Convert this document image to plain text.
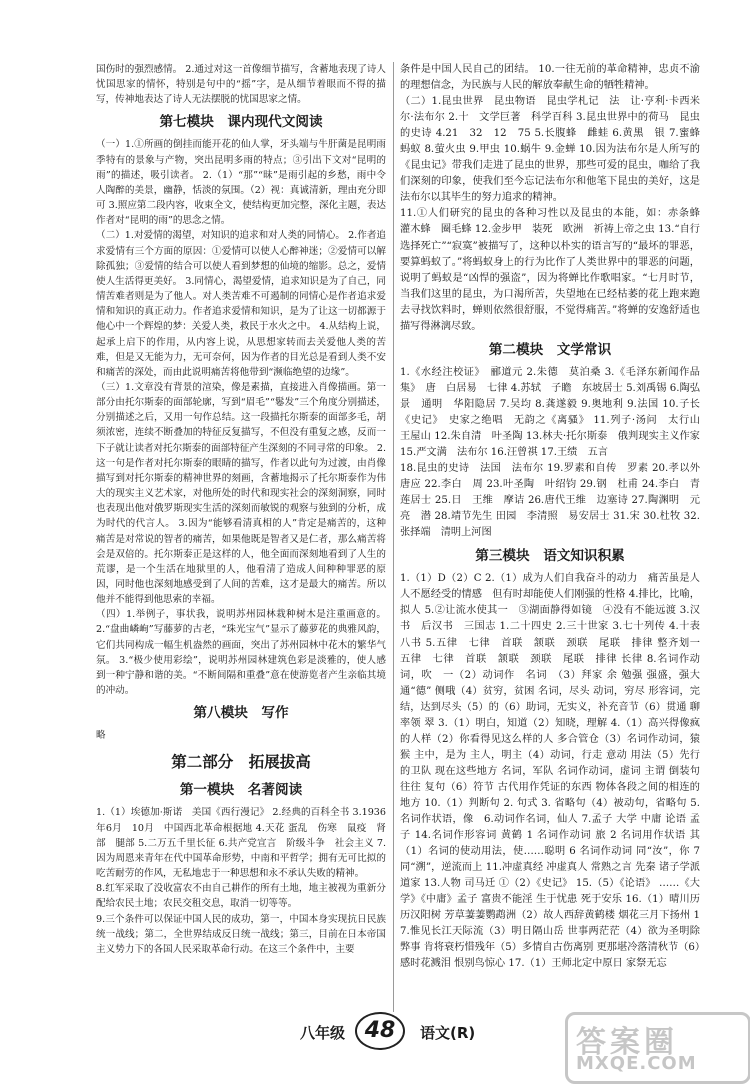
国伤时的强烈感情。 2.通过对这一首像细节描写，含蓄地表现了诗人忧国思家的情怀，特别是句中的“摇”字，是从细节着眼而不得的描写，传神地表达了诗人无法摆脱的忧国思家之情。

第七模块　课内现代文阅读

（一）1.①所画的倒挂而能开花的仙人掌，牙头端与牛肝菌是昆明雨季特有的景象与产物，突出昆明多雨的特点；③引出下文对“昆明的雨”的描述，吸引读者。 2.（1）“那”“昧”是雨引起的乡愁，雨中令人陶醉的美景，幽静，恬淡的氛围。（2）视：真诚清新，理由充分即可 3.照应第二段内容，收束全文，使结构更加完整，深化主题，表达作者对“昆明的雨”的思念之情。

（二）1.对爱情的渴望，对知识的追求和对人类的同情心。 2.作者追求爱情有三个方面的原因：①爱情可以使人心醉神迷；②爱情可以解除孤独；③爱情的结合可以使人看到梦想的仙境的缩影。总之，爱情使人生活得更美好。 3.同情心，渴望爱情，追求知识是为了自己，同情苦难者则是为了他人。对人类苦难不可遏制的同情心是作者追求爱情和知识的真正动力。作者追求爱情和知识，是为了让这一切都源于他心中一个辉煌的梦：关爱人类，救民于水火之中。 4.从结构上说，起承上启下的作用，从内容上说，从思想家转而去关爱他人类的苦难，但是又无能为力，无可奈何，因为作者的目光总是看到人类不安和痛苦的深处，而由此说明痛苦将他带到“濒临绝望的边缘”。

（三）1.文章没有背景的渲染，像是素描，直接进入肖像描画。第一部分由托尔斯泰的面部轮廓，写到“眉毛”“鬈发”三个角度分别描述，分别描述之后，又用一句作总结。这一段描托尔斯泰的面部多毛，胡须浓密，连续不断叠加的特征反复描写，不但没有重复之感，反而一下子就让读者对托尔斯泰的面部特征产生深刻的不同寻常的印象。 2.这一句是作者对托尔斯泰的眼睛的描写，作者以此句为过渡，由肖像描写到对托尔斯泰的精神世界的刻画，含蓄地揭示了托尔斯泰作为伟大的现实主义艺术家，对他所处的时代和现实社会的深刻洞察，同时也表现出他对俄罗斯现实生活的深刻而敏锐的观察与独到的分析，成为时代的代言人。 3.因为“能够看清真相的人”肯定是痛苦的，这种痛苦是对常说的智者的痛苦，如果他既是智者又是仁者，那么痛苦将会是双倍的。托尔斯泰正是这样的人，他全面而深刻地看到了人生的荒谬，是一个生活在地狱里的人，他看清了造成人间种种罪恶的原因，同时他也深刻地感受到了人间的苦难，这才是最大的痛苦。所以他并不能得到他思索的幸福。

（四）1.举例子，事状我，说明苏州园林栽种树木是注重画意的。 2.“盘曲嶙峋”写藤萝的古老，“珠光宝气”显示了藤萝花的典雅风韵，它们共同构成一幅生机盎然的画面，突出了苏州园林中花木的繁华气氛。 3.“极少使用彩绘”，说明苏州园林建筑色彩是淡雅的，使人感到一种宁静和谐的美。“不断间隔和重叠”意在使游览者产生亲临其境的冲动。

第八模块　写作

略

第二部分　拓展拔高

第一模块　名著阅读

1.（1）埃德加·斯诺　美国《西行漫记》 2.经典的百科全书 3.1936年6月　10月　中国西北革命根据地 4.天花 蛋乱　伤寒　鼠疫　肾部　腿部 5.二万五千里长征 6.共产党宣言　阶级斗争　社会主义 7.因为周恩来青年在代中国革命形势，中南和平哲学；拥有无可比拟的吃苦耐劳的作风，无私地忠于一种思想和永不承认失败的精神。

8.红军采取了没收富农不由自己耕作的所有土地，地主被视为重新分配给农民土地；农民交租交息，取消一切等等。

9.三个条件可以保证中国人民的成功，第一，中国本身实现抗日民族统一战线；第二，全世界结成反日统一战线；第三，目前在日本帝国主义势力下的各国人民采取革命行动。在这三个条件中，主要

条件是中国人民自己的团结。 10.一往无前的革命精神，忠贞不渝的理想信念，为民族与人民的解放奉献生命的牺牲精神。

（二）1.昆虫世界　昆虫物语　昆虫学札记　法　让·亨利·卡西米尔·法布尔 2.十　文学巨著　科学百科 3.昆虫世界中的荷马　昆虫的史诗 4.21　32　12　75 5.长腹蜂　雌蛙 6.黄黑　银 7.蜜蜂　蚂蚁 8.萤火虫 9.甲虫 10.蜗牛 9.金蝉 10.因为法布尔是人所写的《昆虫记》带我们走进了昆虫的世界，那些可爱的昆虫，咖给了我们深刻的印象，使我们至今忘记法布尔和他笔下昆虫的美好，这是法布尔以其毕生的努力追求的精神。

11.①人们研究的昆虫的各种习性以及昆虫的本能，如：赤条蜂　灌木蜂　圈毛蜂 12.金步甲　装死　欧洲　祈祷上帝之虫 13.“自行选择死亡”“寂寞”被描写了，这种以朴实的语言写的“最坏的罪恶，要算蚂蚁了。”将蚂蚁身上的行为比作了人类世界中的罪恶的问题，说明了蚂蚁是“凶悍的强盗”，因为将蝉比作歌唱家。“七月时节，当我们这里的昆虫，为口渴所苦，失望地在已经枯萎的花上跑来跑去寻找饮料时，蝉则依然很舒服，不觉得痛苦。”将蝉的安逸舒适也描写得淋漓尽致。

第二模块　文学常识

1.《水经注校证》　郦道元 2.朱德　莫泊桑 3.《毛泽东新闻作品集》　唐　白居易　七律 4.苏轼　子瞻　东坡居士 5.刘禹锡 6.陶弘景　通明　华阳隐居 7.吴均 8.龚遂毅 9.奥地利 9.法国 10.子长《史记》　史家之绝唱　无韵之《离骚》 11.列子·汤问　太行山　王屋山 12.朱自清　叶圣陶 13.林夫·托尔斯泰　俄判现实主义作家 15.严文满　法布尔 16.汪曾祺 17.王绩　五言

18.昆虫的史诗　法国　法布尔 19.罗素和自传　罗素 20.孝以外　唐应 22.李白　周 23.叶圣陶　叶绍钧 29.钢　杜甫 24.李白　青莲居士 25.日　王维　摩诘 26.唐代王维　边塞诗 27.陶渊明　元亮　潜 28.靖节先生 田园　李清照　易安居士 31.宋 30.杜牧 32.张择端　清明上河图

第三模块　语文知识积累

1.（1）D（2）C 2.（1）成为人们自我奋斗的动力　痛苦虽是人人不愿经受的情感　但有时却能使人们刚强的性格 4.排比，比喻，拟人 5.②让流水使其一　③湖面静得如镜　④没有不能远渡 3.汉书　后汉书　三国志 1.二十四史 2.三十世家 3.七十列传 4.十表　八书 5.五律　七律　首联　颔联　颈联　尾联　排律 整齐划一　五律　七律　首联　颔联　颈联　尾联　排律 长律 8.名词作动词，吹　一（2）动词作　名词　（3）拜家 余 勉强 强盛，强大 通“德” 侧哦（4）贫穷，贫困 名词，尽头 动词，穷尽 形容词，完结，达到尽头（5）的（6）助词，无实义，补充音节（6）贯通 聊　率领 翠 3.（1）明白，知道（2）知晓，理解 4.（1）高兴得像疯的人样（2）你看得见这么样的人 多合管仓（3）名词作动词，猿猴 主中，是为 主人，明主（4）动词，行走 意动 用法（5）先行的卫队 现在这些地方 名词，军队 名词作动词，虚词 主谓 倒装句 往往 复句（6）符节 古代用作凭证的东西 物体各段之间的相连的地方 10.（1）判断句 2. 句式 3. 省略句（4）被动句，省略句 5.名词作状语，像　6.动词作名词，仙人 7.孟子 大学 中庸 论语 孟子 14.名词作形容词 黄鹤 1 名词作动词 旅 2 名词用作状语 其（1）名词的使动用法，使……聪明 6 名词作动词 同“汝”，你 7 同“溯”，逆流而上 11.冲虚真经 冲虚真人 常熟之言 先秦 诸子学派 道家 13.人物 司马迁 ①（2）《史记》 15.（5）《论语》 ……《大学》《中庸》孟子 富贵不能淫 生于忧患 死于安乐 16.（1）晴川历历汉阳树 芳草萋萋鹦鹉洲（2）故人西辞黄鹤楼 烟花三月下扬州 17.惟见长江天际流（3）明日隔山岳 世事两茫茫（4）欲为圣明除弊事 肯将衰朽惜残年（5）多情自古伤离别 更那堪冷落清秋节（6）感时花溅泪 恨别鸟惊心 17.（1）王师北定中原日 家祭无忘

八年级 48	语文(R)	答案圈
MXQE.COM
